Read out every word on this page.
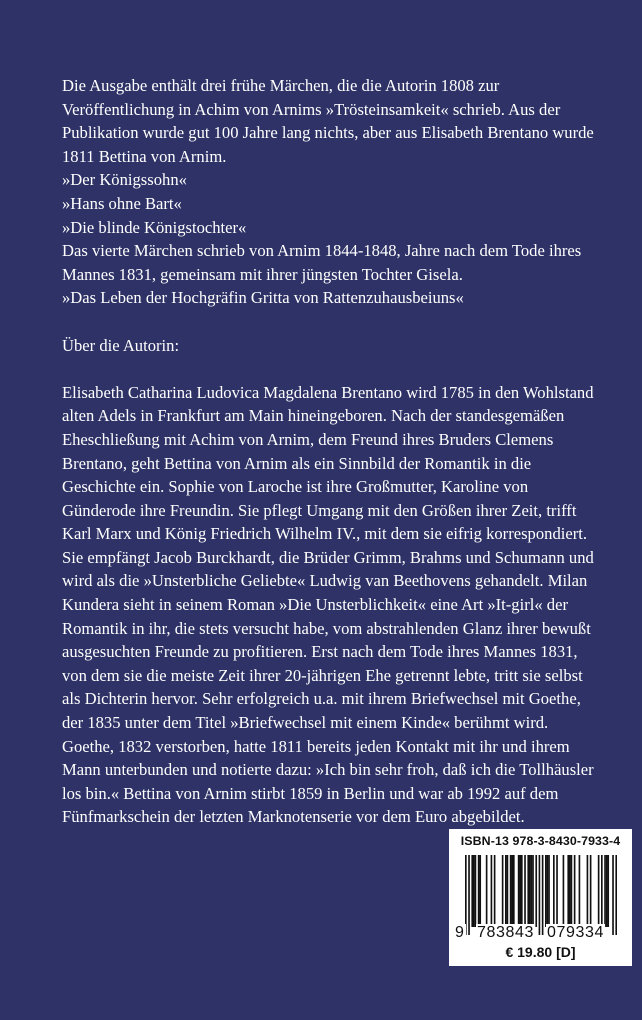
Die Ausgabe enthält drei frühe Märchen, die die Autorin 1808 zur Veröffentlichung in Achim von Arnims »Trösteinsamkeit« schrieb. Aus der Publikation wurde gut 100 Jahre lang nichts, aber aus Elisabeth Brentano wurde 1811 Bettina von Arnim.

»Der Königssohn«

»Hans ohne Bart«

»Die blinde Königstochter«

Das vierte Märchen schrieb von Arnim 1844-1848, Jahre nach dem Tode ihres Mannes 1831, gemeinsam mit ihrer jüngsten Tochter Gisela.

»Das Leben der Hochgräfin Gritta von Rattenzuhausbeiuns«

Über die Autorin:

Elisabeth Catharina Ludovica Magdalena Brentano wird 1785 in den Wohlstand alten Adels in Frankfurt am Main hineingeboren. Nach der standesgemäßen Eheschließung mit Achim von Arnim, dem Freund ihres Bruders Clemens Brentano, geht Bettina von Arnim als ein Sinnbild der Romantik in die Geschichte ein. Sophie von Laroche ist ihre Großmutter, Karoline von Günderode ihre Freundin. Sie pflegt Umgang mit den Größen ihrer Zeit, trifft Karl Marx und König Friedrich Wilhelm IV., mit dem sie eifrig korrespondiert. Sie empfängt Jacob Burckhardt, die Brüder Grimm, Brahms und Schumann und wird als die »Unsterbliche Geliebte« Ludwig van Beethovens gehandelt. Milan Kundera sieht in seinem Roman »Die Unsterblichkeit« eine Art »It-girl« der Romantik in ihr, die stets versucht habe, vom abstrahlenden Glanz ihrer bewußt ausgesuchten Freunde zu profitieren. Erst nach dem Tode ihres Mannes 1831, von dem sie die meiste Zeit ihrer 20-jährigen Ehe getrennt lebte, tritt sie selbst als Dichterin hervor. Sehr erfolgreich u.a. mit ihrem Briefwechsel mit Goethe, der 1835 unter dem Titel »Briefwechsel mit einem Kinde« berühmt wird. Goethe, 1832 verstorben, hatte 1811 bereits jeden Kontakt mit ihr und ihrem Mann unterbunden und notierte dazu: »Ich bin sehr froh, daß ich die Tollhäusler los bin.« Bettina von Arnim stirbt 1859 in Berlin und war ab 1992 auf dem Fünfmarkschein der letzten Marknotenserie vor dem Euro abgebildet.

ISBN-13 978-3-8430-7933-4
9 783843 079334
€ 19.80 [D]
